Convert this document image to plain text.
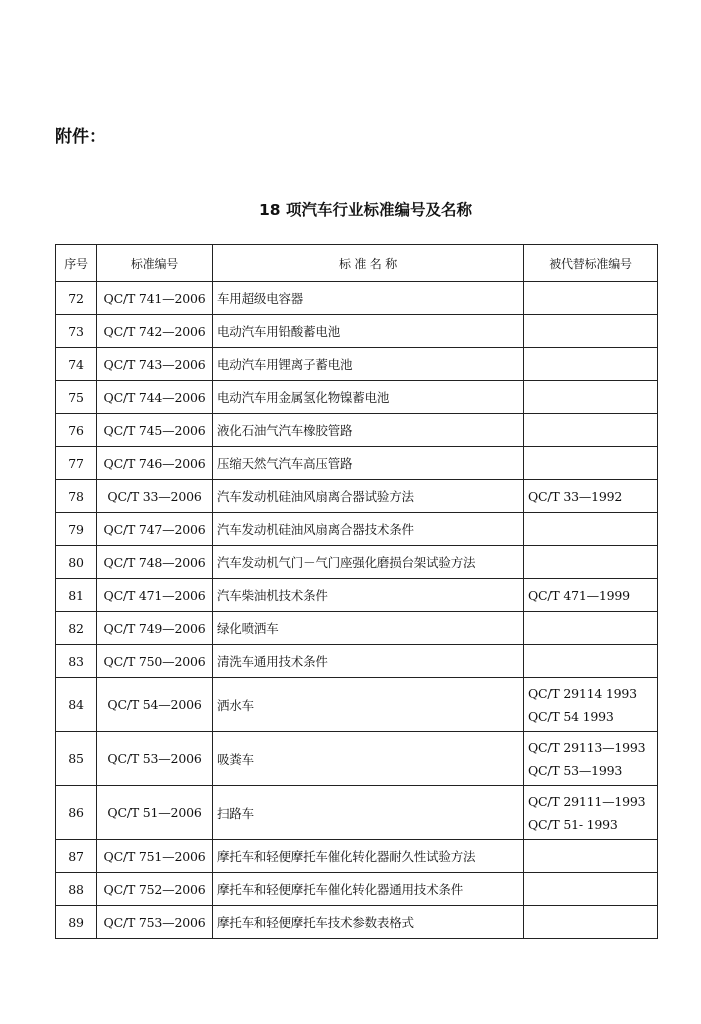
附件：
18 项汽车行业标准编号及名称
序号	标准编号	标 准 名 称	被代替标准编号
72	QC/T 741—2006	车用超级电容器	
73	QC/T 742—2006	电动汽车用铅酸蓄电池	
74	QC/T 743—2006	电动汽车用锂离子蓄电池	
75	QC/T 744—2006	电动汽车用金属氢化物镍蓄电池	
76	QC/T 745—2006	液化石油气汽车橡胶管路	
77	QC/T 746—2006	压缩天然气汽车高压管路	
78	QC/T 33—2006	汽车发动机硅油风扇离合器试验方法	QC/T 33—1992

79	QC/T 747—2006	汽车发动机硅油风扇离合器技术条件	
80	QC/T 748—2006	汽车发动机气门－气门座强化磨损台架试验方法	
81	QC/T 471—2006	汽车柴油机技术条件	QC/T 471—1999

82	QC/T 749—2006	绿化喷洒车	
83	QC/T 750—2006	清洗车通用技术条件	
84	QC/T 54—2006	洒水车	QC/T 29114 1993
QC/T 54 1993

85	QC/T 53—2006	吸粪车	QC/T 29113—1993
QC/T 53—1993

86	QC/T 51—2006	扫路车	QC/T 29111—1993
QC/T 51- 1993

87	QC/T 751—2006	摩托车和轻便摩托车催化转化器耐久性试验方法	
88	QC/T 752—2006	摩托车和轻便摩托车催化转化器通用技术条件	
89	QC/T 753—2006	摩托车和轻便摩托车技术参数表格式	
